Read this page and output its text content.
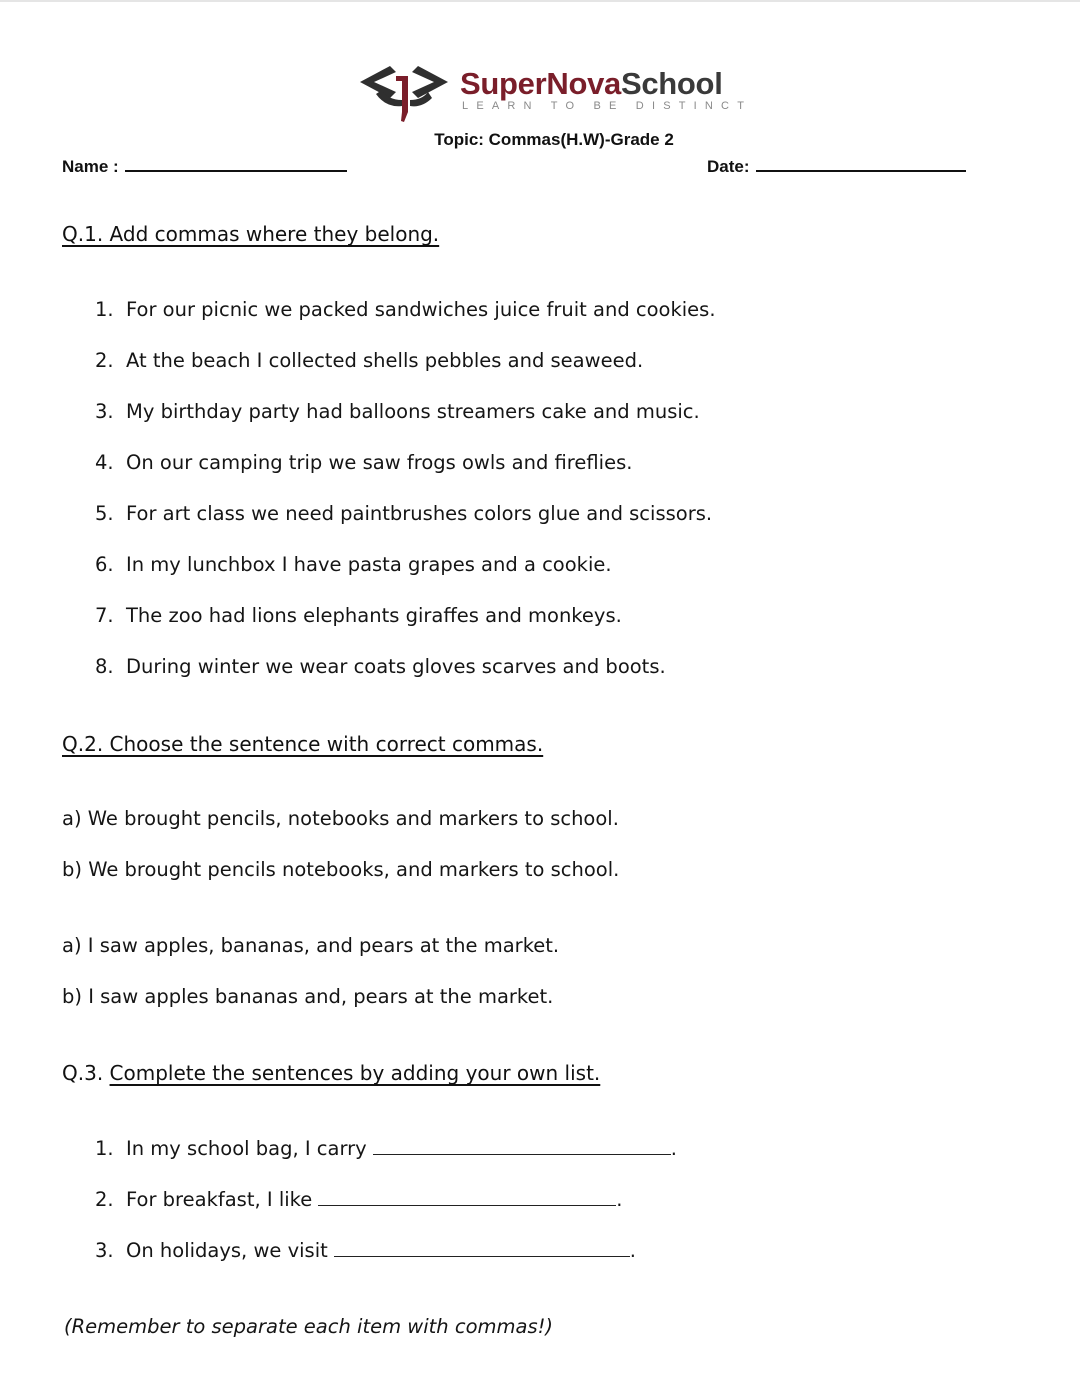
SuperNovaSchool
LEARN TO BE DISTINCT
Topic: Commas(H.W)-Grade 2
Name :	Date:
Q.1. Add commas where they belong.
1. For our picnic we packed sandwiches juice fruit and cookies.
2. At the beach I collected shells pebbles and seaweed.
3. My birthday party had balloons streamers cake and music.
4. On our camping trip we saw frogs owls and fireflies.
5. For art class we need paintbrushes colors glue and scissors.
6. In my lunchbox I have pasta grapes and a cookie.
7. The zoo had lions elephants giraffes and monkeys.
8. During winter we wear coats gloves scarves and boots.
Q.2. Choose the sentence with correct commas.
a) We brought pencils, notebooks and markers to school.
b) We brought pencils notebooks, and markers to school.
a) I saw apples, bananas, and pears at the market.
b) I saw apples bananas and, pears at the market.
Q.3. Complete the sentences by adding your own list.
1. In my school bag, I carry	.
2. For breakfast, I like	.
3. On holidays, we visit	.
(Remember to separate each item with commas!)
